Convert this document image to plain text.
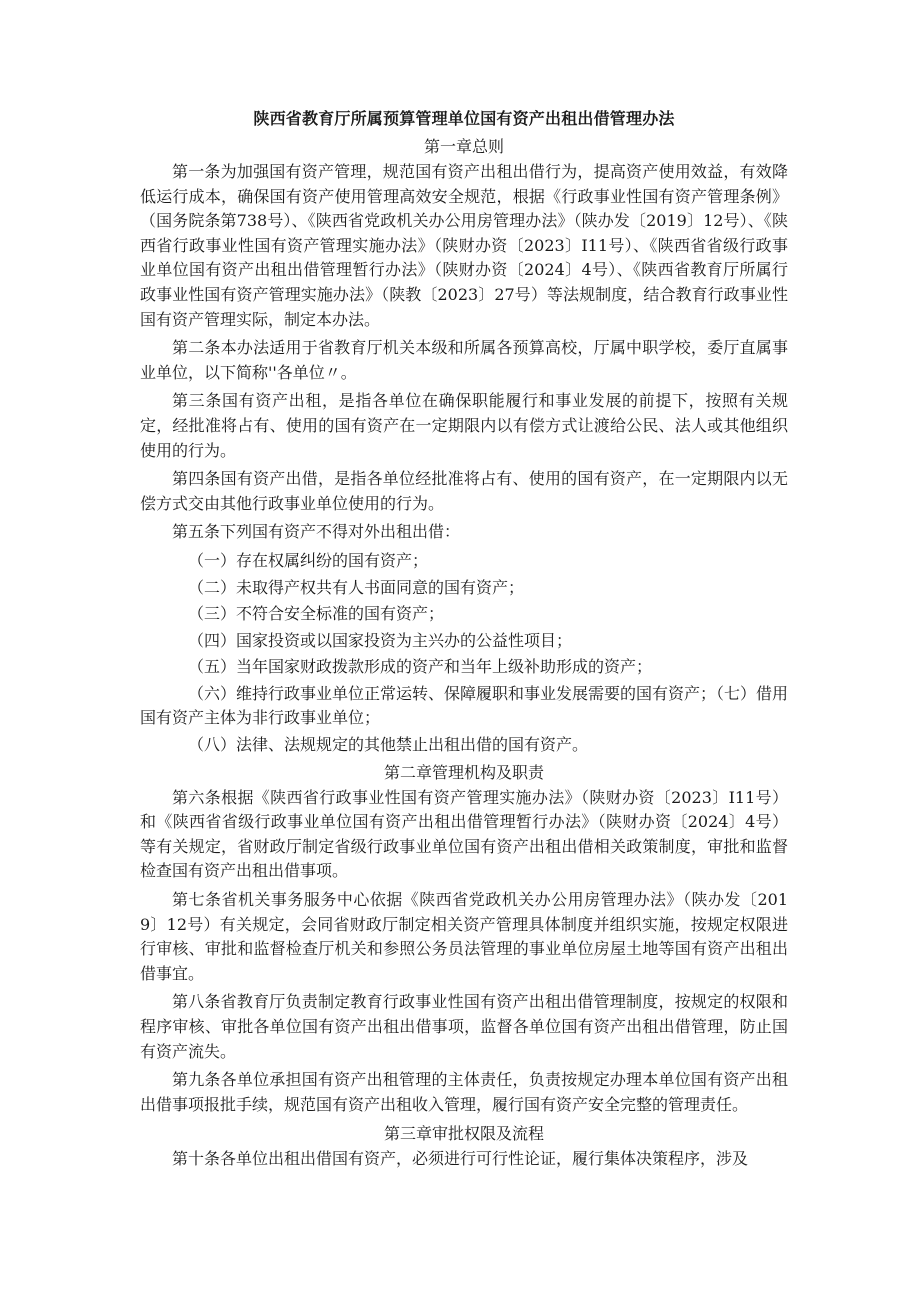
陕西省教育厅所属预算管理单位国有资产出租出借管理办法
第一章总则

第一条为加强国有资产管理，规范国有资产出租出借行为，提高资产使用效益，有效降低运行成本，确保国有资产使用管理高效安全规范，根据《行政事业性国有资产管理条例》（国务院条第738号）、《陕西省党政机关办公用房管理办法》（陕办发〔2019〕12号）、《陕西省行政事业性国有资产管理实施办法》（陕财办资〔2023〕I11号）、《陕西省省级行政事业单位国有资产出租出借管理暂行办法》（陕财办资〔2024〕4号）、《陕西省教育厅所属行政事业性国有资产管理实施办法》（陕教〔2023〕27号）等法规制度，结合教育行政事业性国有资产管理实际，制定本办法。

第二条本办法适用于省教育厅机关本级和所属各预算高校，厅属中职学校，委厅直属事业单位，以下简称''各单位〃。

第三条国有资产出租，是指各单位在确保职能履行和事业发展的前提下，按照有关规定，经批准将占有、使用的国有资产在一定期限内以有偿方式让渡给公民、法人或其他组织使用的行为。

第四条国有资产出借，是指各单位经批准将占有、使用的国有资产，在一定期限内以无偿方式交由其他行政事业单位使用的行为。

第五条下列国有资产不得对外出租出借：

（一）存在权属纠纷的国有资产；

（二）未取得产权共有人书面同意的国有资产；

（三）不符合安全标准的国有资产；

（四）国家投资或以国家投资为主兴办的公益性项目；

（五）当年国家财政拨款形成的资产和当年上级补助形成的资产；

（六）维持行政事业单位正常运转、保障履职和事业发展需要的国有资产；（七）借用国有资产主体为非行政事业单位；

（八）法律、法规规定的其他禁止出租出借的国有资产。

第二章管理机构及职责

第六条根据《陕西省行政事业性国有资产管理实施办法》（陕财办资〔2023〕I11号）和《陕西省省级行政事业单位国有资产出租出借管理暂行办法》（陕财办资〔2024〕4号）等有关规定，省财政厅制定省级行政事业单位国有资产出租出借相关政策制度，审批和监督检查国有资产出租出借事项。

第七条省机关事务服务中心依据《陕西省党政机关办公用房管理办法》（陕办发〔2019〕12号）有关规定，会同省财政厅制定相关资产管理具体制度并组织实施，按规定权限进行审核、审批和监督检查厅机关和参照公务员法管理的事业单位房屋土地等国有资产出租出借事宜。

第八条省教育厅负责制定教育行政事业性国有资产出租出借管理制度，按规定的权限和程序审核、审批各单位国有资产出租出借事项，监督各单位国有资产出租出借管理，防止国有资产流失。

第九条各单位承担国有资产出租管理的主体责任，负责按规定办理本单位国有资产出租出借事项报批手续，规范国有资产出租收入管理，履行国有资产安全完整的管理责任。

第三章审批权限及流程

第十条各单位出租出借国有资产，必须进行可行性论证，履行集体决策程序，涉及
